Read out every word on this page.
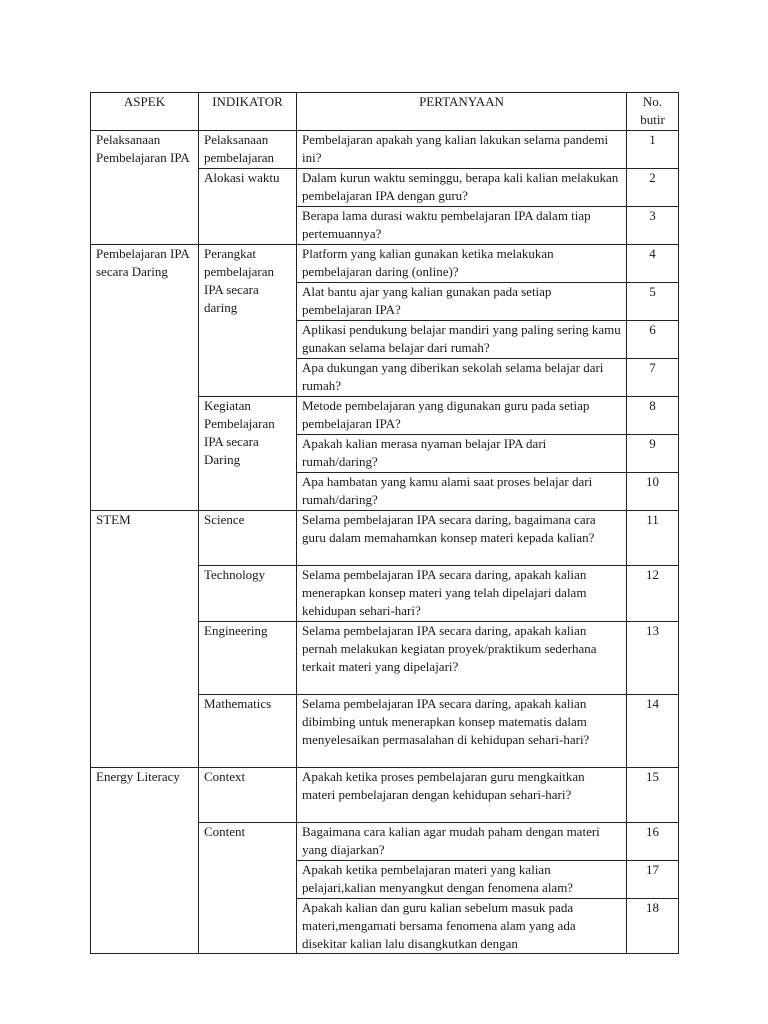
ASPEK	INDIKATOR	PERTANYAAN	No. butir
Pelaksanaan Pembelajaran IPA	Pelaksanaan pembelajaran	Pembelajaran apakah yang kalian lakukan selama pandemi ini?	1
	Alokasi waktu	Dalam kurun waktu seminggu, berapa kali kalian melakukan pembelajaran IPA dengan guru?	2
		Berapa lama durasi waktu pembelajaran IPA dalam tiap pertemuannya?	3
Pembelajaran IPA secara Daring	Perangkat pembelajaran IPA secara daring	Platform yang kalian gunakan ketika melakukan pembelajaran daring (online)?	4
		Alat bantu ajar yang kalian gunakan pada setiap pembelajaran IPA?	5
		Aplikasi pendukung belajar mandiri yang paling sering kamu gunakan selama belajar dari rumah?	6
		Apa dukungan yang diberikan sekolah selama belajar dari rumah?	7
	Kegiatan Pembelajaran IPA secara Daring	Metode pembelajaran yang digunakan guru pada setiap pembelajaran IPA?	8
		Apakah kalian merasa nyaman belajar IPA dari rumah/daring?	9
		Apa hambatan yang kamu alami saat proses belajar dari rumah/daring?	10
STEM	Science	Selama pembelajaran IPA secara daring, bagaimana cara guru dalam memahamkan konsep materi kepada kalian?	11
	Technology	Selama pembelajaran IPA secara daring, apakah kalian menerapkan konsep materi yang telah dipelajari dalam kehidupan sehari-hari?	12
	Engineering	Selama pembelajaran IPA secara daring, apakah kalian pernah melakukan kegiatan proyek/praktikum sederhana terkait materi yang dipelajari?	13
	Mathematics	Selama pembelajaran IPA secara daring, apakah kalian dibimbing untuk menerapkan konsep matematis dalam menyelesaikan permasalahan di kehidupan sehari-hari?	14
Energy Literacy	Context	Apakah ketika proses pembelajaran guru mengkaitkan materi pembelajaran dengan kehidupan sehari-hari?	15
	Content	Bagaimana cara kalian agar mudah paham dengan materi yang diajarkan?	16
		Apakah ketika pembelajaran materi yang kalian pelajari,kalian menyangkut dengan fenomena alam?	17

		Apakah kalian dan guru kalian sebelum masuk pada materi,mengamati bersama fenomena alam yang ada disekitar kalian lalu disangkutkan dengan	18
